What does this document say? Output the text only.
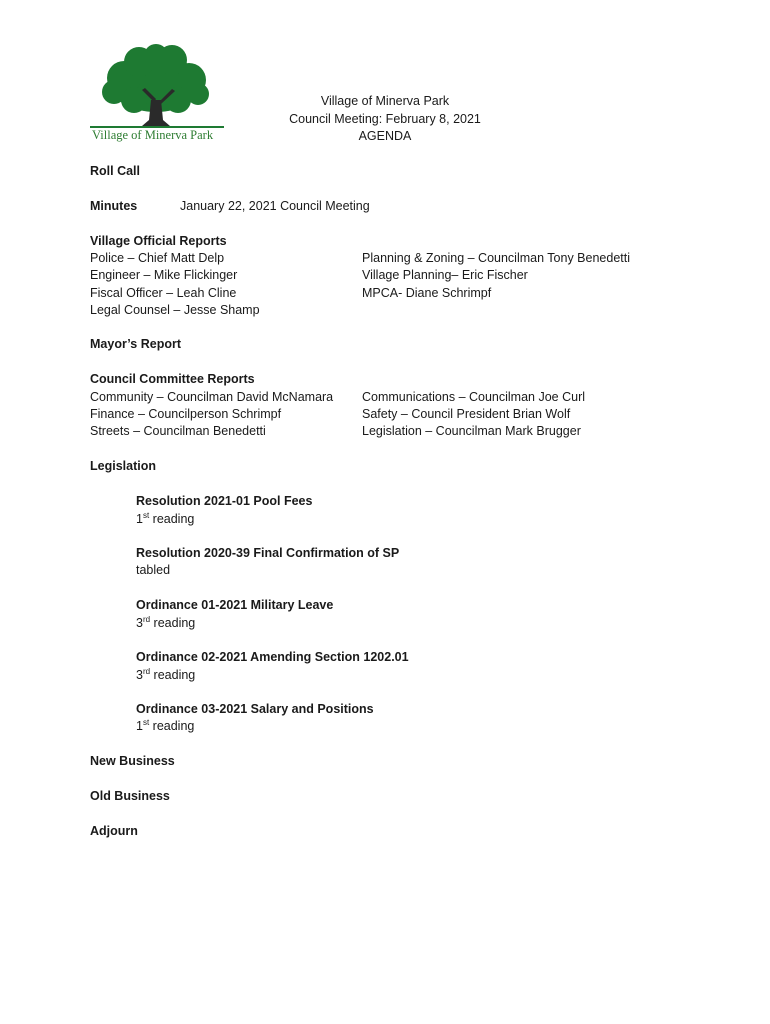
Village of Minerva Park
Village of Minerva Park
Council Meeting: February 8, 2021
AGENDA
Roll Call
Minutes	January 22, 2021 Council Meeting
Village Official Reports
Police – Chief Matt Delp
Engineer – Mike Flickinger
Fiscal Officer – Leah Cline
Legal Counsel – Jesse Shamp
Planning & Zoning – Councilman Tony Benedetti
Village Planning– Eric Fischer
MPCA- Diane Schrimpf
Mayor’s Report
Council Committee Reports
Community – Councilman David McNamara
Finance – Councilperson Schrimpf
Streets – Councilman Benedetti
Communications – Councilman Joe Curl
Safety – Council President Brian Wolf
Legislation – Councilman Mark Brugger
Legislation
Resolution 2021-01 Pool Fees
1st reading
Resolution 2020-39 Final Confirmation of SP
tabled
Ordinance 01-2021 Military Leave
3rd reading
Ordinance 02-2021 Amending Section 1202.01
3rd reading
Ordinance 03-2021 Salary and Positions
1st reading
New Business
Old Business
Adjourn
